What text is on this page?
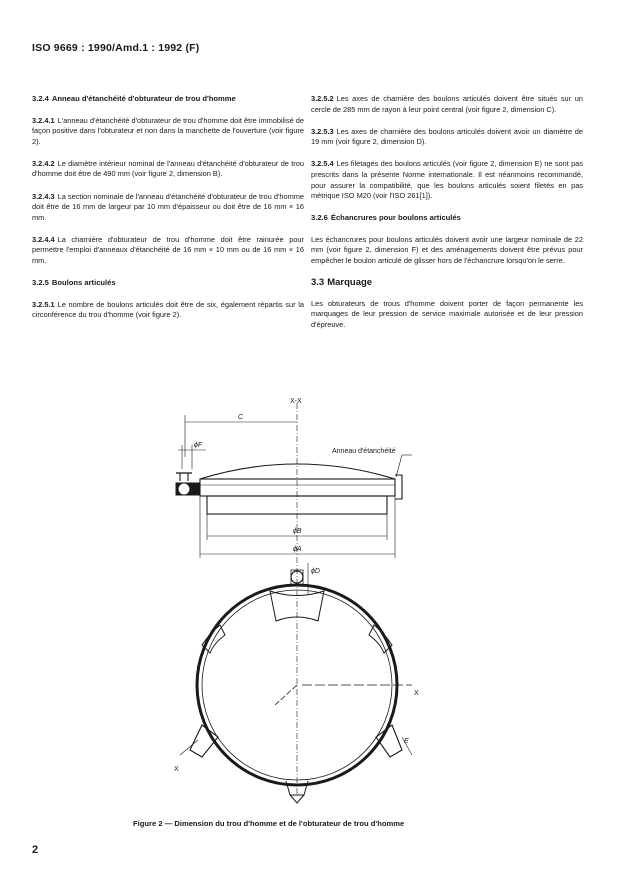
ISO 9669 : 1990/Amd.1 : 1992 (F)

3.2.4 Anneau d'étanchéité d'obturateur de trou d'homme

3.2.4.1 L'anneau d'étanchéité d'obturateur de trou d'homme doit être immobilisé de façon positive dans l'obturateur et non dans la manchette de l'ouverture (voir figure 2).

3.2.4.2 Le diamètre intérieur nominal de l'anneau d'étanchéité d'obturateur de trou d'homme doit être de 490 mm (voir figure 2, dimension B).

3.2.4.3 La section nominale de l'anneau d'étanchéité d'obturateur de trou d'homme doit être de 16 mm de largeur par 10 mm d'épaisseur ou doit être de 16 mm × 16 mm.

3.2.4.4 La charnière d'obturateur de trou d'homme doit être rainurée pour permettre l'emploi d'anneaux d'étanchéité de 16 mm × 10 mm ou de 16 mm × 16 mm.

3.2.5 Boulons articulés

3.2.5.1 Le nombre de boulons articulés doit être de six, également répartis sur la circonférence du trou d'homme (voir figure 2).

3.2.5.2 Les axes de charnière des boulons articulés doivent être situés sur un cercle de 285 mm de rayon à leur point central (voir figure 2, dimension C).

3.2.5.3 Les axes de charnière des boulons articulés doivent avoir un diamètre de 19 mm (voir figure 2, dimension D).

3.2.5.4 Les filetages des boulons articulés (voir figure 2, dimension E) ne sont pas prescrits dans la présente Norme internationale. Il est néanmoins recommandé, pour assurer la compatibilité, que les boulons articulés soient filetés en pas métrique ISO M20 (voir l'ISO 261[1]).

3.2.6 Échancrures pour boulons articulés

Les échancrures pour boulons articulés doivent avoir une largeur nominale de 22 mm (voir figure 2, dimension F) et des aménagements doivent être prévus pour empêcher le boulon articulé de glisser hors de l'échancrure lorsqu'on le serre.

3.3 Marquage

Les obturateurs de trous d'homme doivent porter de façon permanente les marquages de leur pression de service maximale autorisée et de leur pression d'épreuve.

X-X
C
ϕF
Anneau d'étanchéité
ϕB
ϕA
ϕD
X
E
X
Figure 2 — Dimension du trou d'homme et de l'obturateur de trou d'homme
2
